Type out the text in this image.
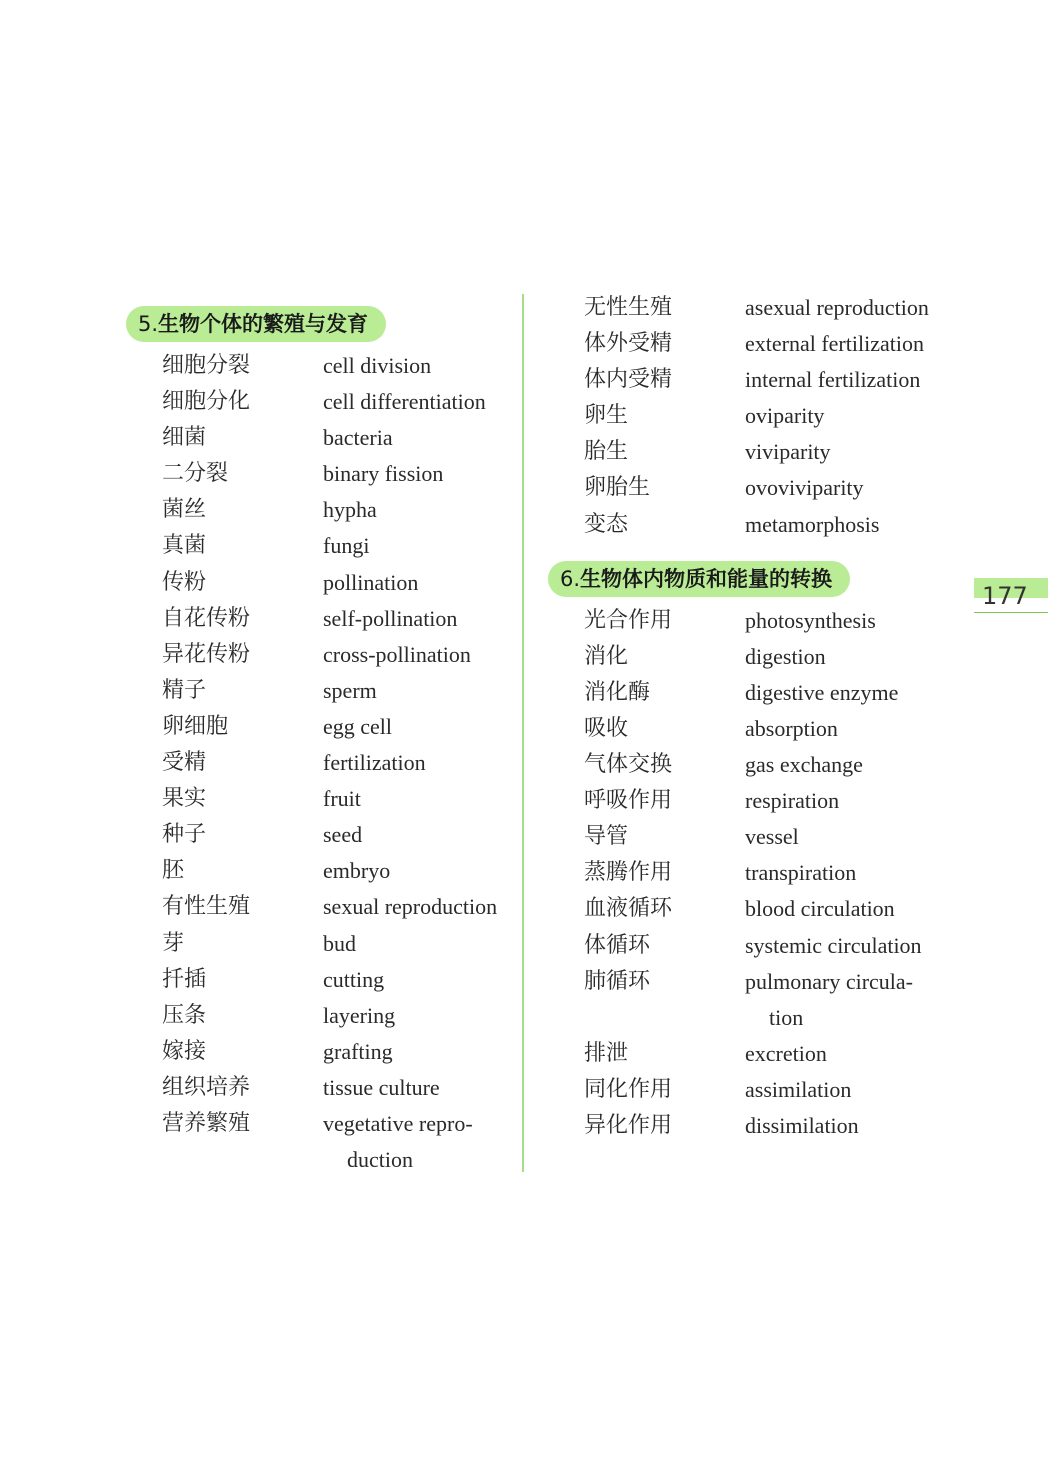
5.生物个体的繁殖与发育
细胞分裂	cell division
细胞分化	cell differentiation
细菌	bacteria
二分裂	binary fission
菌丝	hypha
真菌	fungi
传粉	pollination
自花传粉	self-pollination
异花传粉	cross-pollination
精子	sperm
卵细胞	egg cell
受精	fertilization
果实	fruit
种子	seed
胚	embryo
有性生殖	sexual reproduction
芽	bud
扦插	cutting
压条	layering
嫁接	grafting
组织培养	tissue culture
营养繁殖	vegetative repro-
duction
无性生殖	asexual reproduction
体外受精	external fertilization
体内受精	internal fertilization
卵生	oviparity
胎生	viviparity
卵胎生	ovoviviparity
变态	metamorphosis
6.生物体内物质和能量的转换
光合作用	photosynthesis
消化	digestion
消化酶	digestive enzyme
吸收	absorption
气体交换	gas exchange
呼吸作用	respiration
导管	vessel
蒸腾作用	transpiration
血液循环	blood circulation
体循环	systemic circulation
肺循环	pulmonary circula-
tion
排泄	excretion
同化作用	assimilation
异化作用	dissimilation
177
